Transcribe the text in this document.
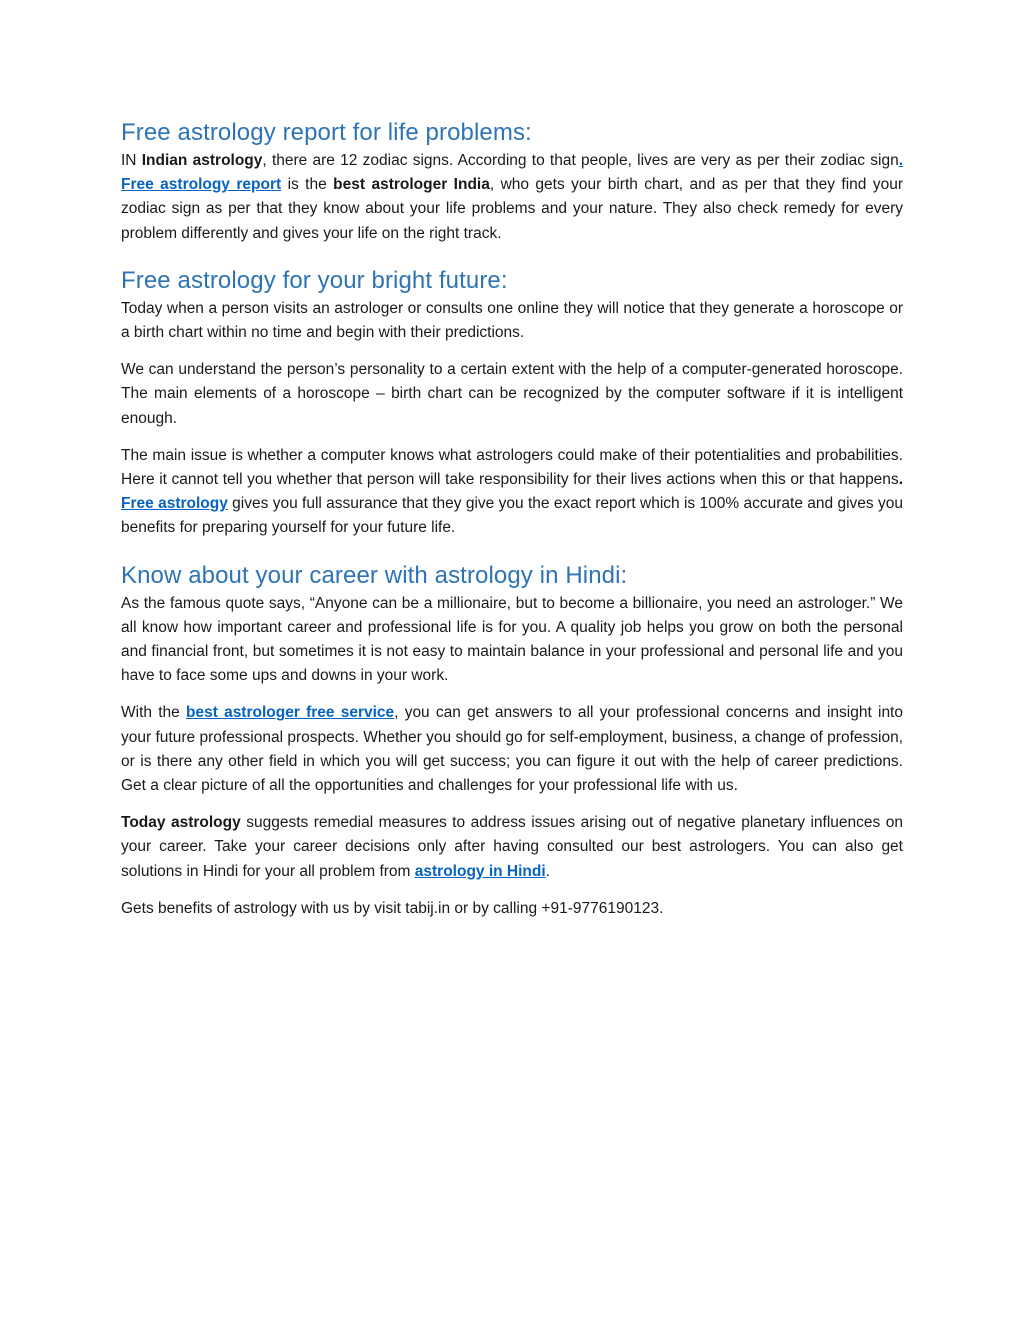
Free astrology report for life problems:

IN Indian astrology, there are 12 zodiac signs. According to that people, lives are very as per their zodiac sign. Free astrology report is the best astrologer India, who gets your birth chart, and as per that they find your zodiac sign as per that they know about your life problems and your nature. They also check remedy for every problem differently and gives your life on the right track.

Free astrology for your bright future:

Today when a person visits an astrologer or consults one online they will notice that they generate a horoscope or a birth chart within no time and begin with their predictions.

We can understand the person’s personality to a certain extent with the help of a computer-generated horoscope. The main elements of a horoscope – birth chart can be recognized by the computer software if it is intelligent enough.

The main issue is whether a computer knows what astrologers could make of their potentialities and probabilities. Here it cannot tell you whether that person will take responsibility for their lives actions when this or that happens. Free astrology gives you full assurance that they give you the exact report which is 100% accurate and gives you benefits for preparing yourself for your future life.

Know about your career with astrology in Hindi:

As the famous quote says, “Anyone can be a millionaire, but to become a billionaire, you need an astrologer.” We all know how important career and professional life is for you. A quality job helps you grow on both the personal and financial front, but sometimes it is not easy to maintain balance in your professional and personal life and you have to face some ups and downs in your work.

With the best astrologer free service, you can get answers to all your professional concerns and insight into your future professional prospects. Whether you should go for self-employment, business, a change of profession, or is there any other field in which you will get success; you can figure it out with the help of career predictions. Get a clear picture of all the opportunities and challenges for your professional life with us.

Today astrology suggests remedial measures to address issues arising out of negative planetary influences on your career. Take your career decisions only after having consulted our best astrologers. You can also get solutions in Hindi for your all problem from astrology in Hindi.

Gets benefits of astrology with us by visit tabij.in or by calling +91-9776190123.
